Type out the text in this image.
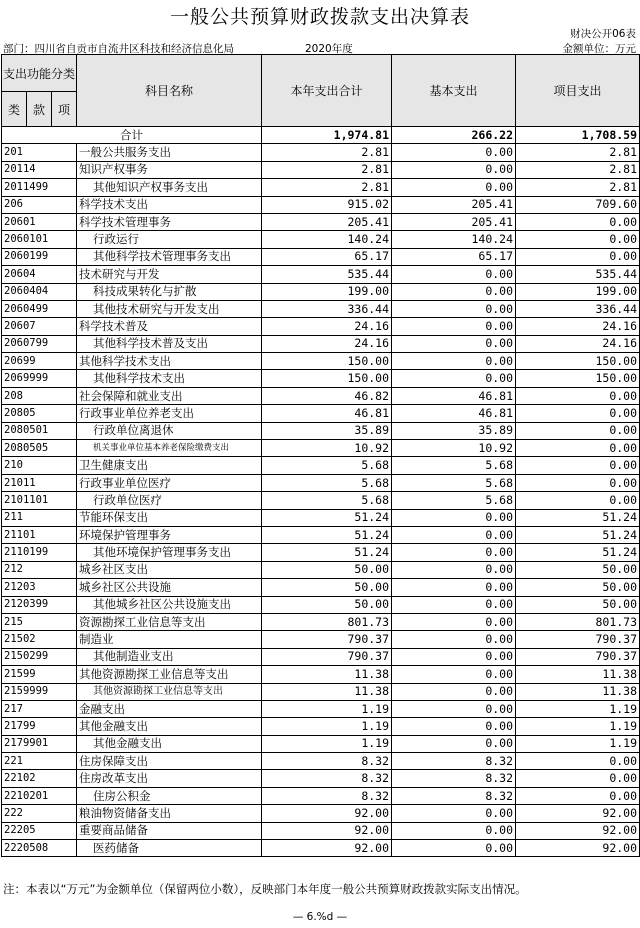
一般公共预算财政拨款支出决算表
财决公开06表
部门：四川省自贡市自流井区科技和经济信息化局	2020年度	金额单位：万元
支出功能分类			科目名称	本年支出合计	基本支出	项目支出
类	款	项				
合计				1,974.81	266.22	1,708.59
201			一般公共服务支出	2.81	0.00	2.81
20114			知识产权事务	2.81	0.00	2.81
2011499			其他知识产权事务支出	2.81	0.00	2.81
206			科学技术支出	915.02	205.41	709.60
20601			科学技术管理事务	205.41	205.41	0.00
2060101			行政运行	140.24	140.24	0.00
2060199			其他科学技术管理事务支出	65.17	65.17	0.00
20604			技术研究与开发	535.44	0.00	535.44
2060404			科技成果转化与扩散	199.00	0.00	199.00
2060499			其他技术研究与开发支出	336.44	0.00	336.44
20607			科学技术普及	24.16	0.00	24.16
2060799			其他科学技术普及支出	24.16	0.00	24.16
20699			其他科学技术支出	150.00	0.00	150.00
2069999			其他科学技术支出	150.00	0.00	150.00
208			社会保障和就业支出	46.82	46.81	0.00
20805			行政事业单位养老支出	46.81	46.81	0.00
2080501			行政单位离退休	35.89	35.89	0.00
2080505			机关事业单位基本养老保险缴费支出	10.92	10.92	0.00
210			卫生健康支出	5.68	5.68	0.00
21011			行政事业单位医疗	5.68	5.68	0.00
2101101			行政单位医疗	5.68	5.68	0.00
211			节能环保支出	51.24	0.00	51.24
21101			环境保护管理事务	51.24	0.00	51.24
2110199			其他环境保护管理事务支出	51.24	0.00	51.24
212			城乡社区支出	50.00	0.00	50.00
21203			城乡社区公共设施	50.00	0.00	50.00
2120399			其他城乡社区公共设施支出	50.00	0.00	50.00
215			资源勘探工业信息等支出	801.73	0.00	801.73
21502			制造业	790.37	0.00	790.37
2150299			其他制造业支出	790.37	0.00	790.37
21599			其他资源勘探工业信息等支出	11.38	0.00	11.38
2159999			其他资源勘探工业信息等支出	11.38	0.00	11.38
217			金融支出	1.19	0.00	1.19
21799			其他金融支出	1.19	0.00	1.19
2179901			其他金融支出	1.19	0.00	1.19
221			住房保障支出	8.32	8.32	0.00
22102			住房改革支出	8.32	8.32	0.00
2210201			住房公积金	8.32	8.32	0.00
222			粮油物资储备支出	92.00	0.00	92.00
22205			重要商品储备	92.00	0.00	92.00
2220508			医药储备	92.00	0.00	92.00
注：本表以“万元”为金额单位（保留两位小数），反映部门本年度一般公共预算财政拨款实际支出情况。
— 6.%d —
